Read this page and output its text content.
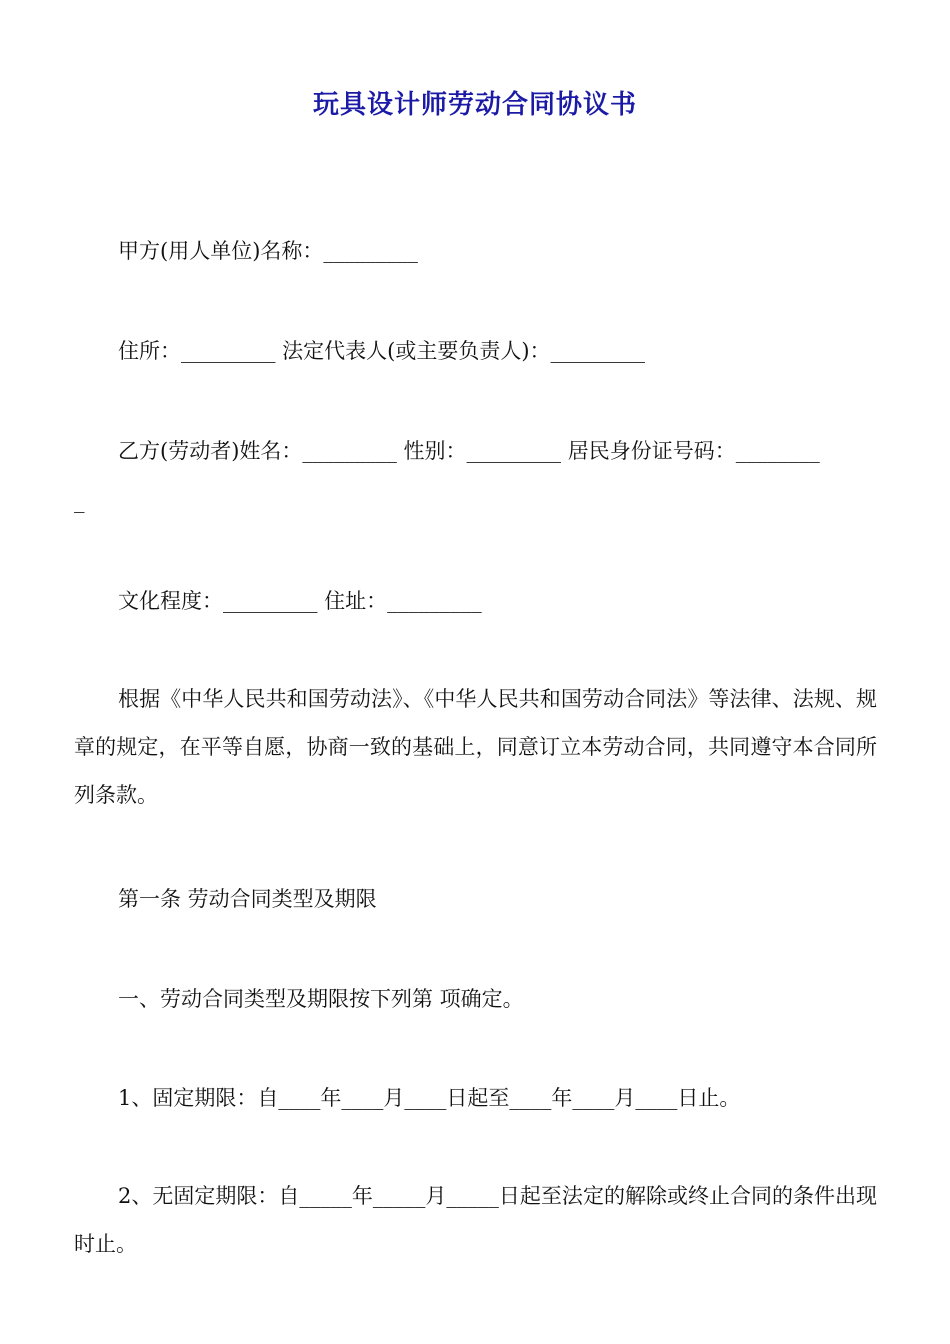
玩具设计师劳动合同协议书
甲方(用人单位)名称：_________
住所：_________ 法定代表人(或主要负责人)：_________
乙方(劳动者)姓名：_________ 性别：_________ 居民身份证号码：________
_
文化程度：_________ 住址：_________
根据《中华人民共和国劳动法》、《中华人民共和国劳动合同法》等法律、法规、规章的规定，在平等自愿，协商一致的基础上，同意订立本劳动合同，共同遵守本合同所列条款。
第一条 劳动合同类型及期限
一、劳动合同类型及期限按下列第 项确定。
1、固定期限：自____年____月____日起至____年____月____日止。
2、无固定期限：自_____年_____月_____日起至法定的解除或终止合同的条件出现时止。
